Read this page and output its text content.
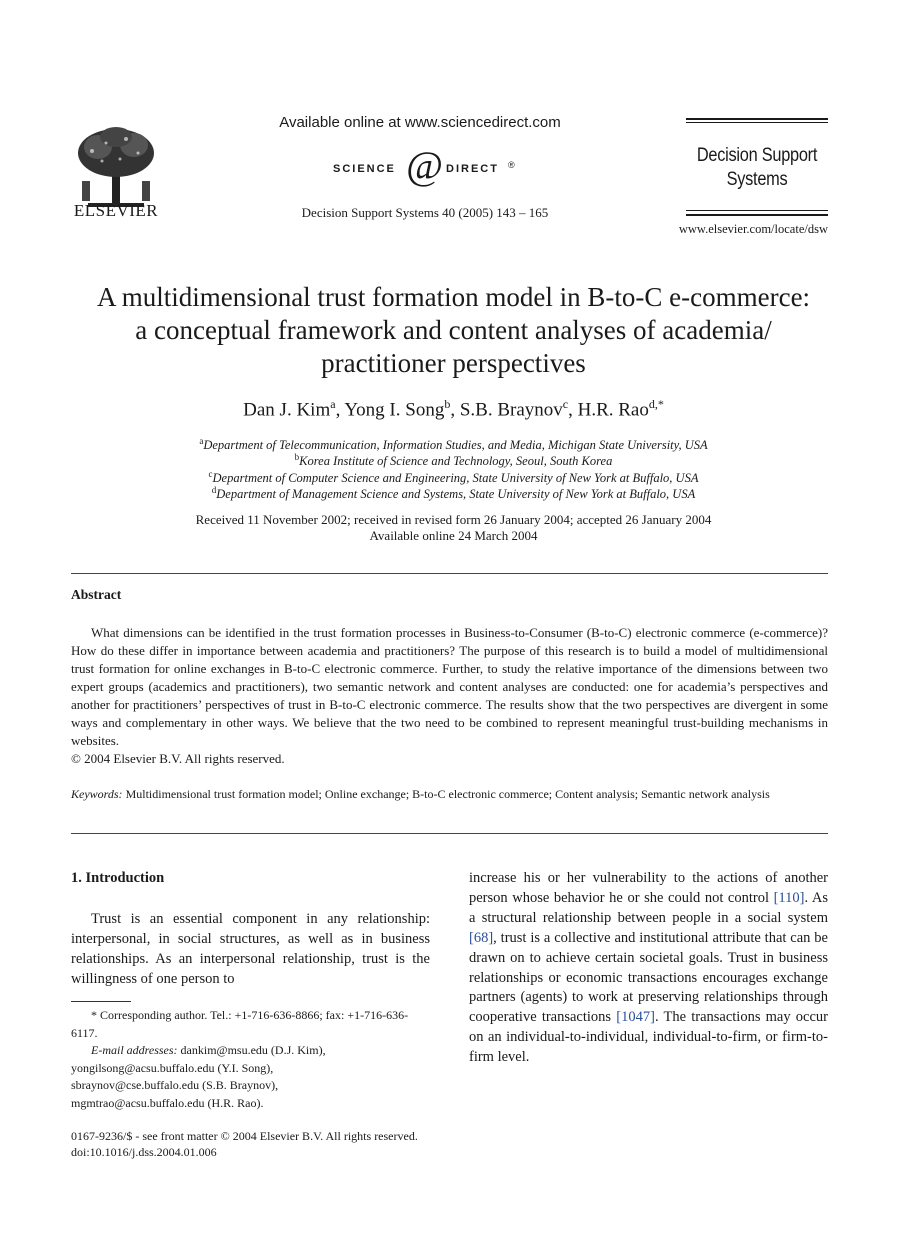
ELSEVIER
Available online at www.sciencedirect.com
SCIENCE @ DIRECT ®
Decision Support Systems 40 (2005) 143 – 165
Decision Support
Systems
www.elsevier.com/locate/dsw
A multidimensional trust formation model in B-to-C e-commerce:
a conceptual framework and content analyses of academia/
practitioner perspectives
Dan J. Kim$^a$, Yong I. Song$^b$, S.B. Braynov$^c$, H.R. Rao$^{d,*}$
$^a$Department of Telecommunication, Information Studies, and Media, Michigan State University, USA
$^b$Korea Institute of Science and Technology, Seoul, South Korea
$^c$Department of Computer Science and Engineering, State University of New York at Buffalo, USA
$^d$Department of Management Science and Systems, State University of New York at Buffalo, USA
Received 11 November 2002; received in revised form 26 January 2004; accepted 26 January 2004
Available online 24 March 2004
Abstract
What dimensions can be identified in the trust formation processes in Business-to-Consumer (B-to-C) electronic commerce (e-commerce)? How do these differ in importance between academia and practitioners? The purpose of this research is to build a model of multidimensional trust formation for online exchanges in B-to-C electronic commerce. Further, to study the relative importance of the dimensions between two expert groups (academics and practitioners), two semantic network and content analyses are conducted: one for academia’s perspectives and another for practitioners’ perspectives of trust in B-to-C electronic commerce. The results show that the two perspectives are divergent in some ways and complementary in other ways. We believe that the two need to be combined to represent meaningful trust-building mechanisms in websites.
© 2004 Elsevier B.V. All rights reserved.
Keywords: Multidimensional trust formation model; Online exchange; B-to-C electronic commerce; Content analysis; Semantic network analysis
1. Introduction
Trust is an essential component in any relationship: interpersonal, in social structures, as well as in business relationships. As an interpersonal relationship, trust is the willingness of one person to
increase his or her vulnerability to the actions of another person whose behavior he or she could not control [110]. As a structural relationship between people in a social system [68], trust is a collective and institutional attribute that can be drawn on to achieve certain societal goals. Trust in business relationships or economic transactions encourages exchange partners (agents) to work at preserving relationships through cooperative transactions [1047]. The transactions may occur on an individual-to-individual, individual-to-firm, or firm-to-firm level.
* Corresponding author. Tel.: +1-716-636-8866; fax: +1-716-636-6117.
E-mail addresses: dankim@msu.edu (D.J. Kim),
yongilsong@acsu.buffalo.edu (Y.I. Song),
sbraynov@cse.buffalo.edu (S.B. Braynov),
mgmtrao@acsu.buffalo.edu (H.R. Rao).
0167-9236/$ - see front matter © 2004 Elsevier B.V. All rights reserved.
doi:10.1016/j.dss.2004.01.006
